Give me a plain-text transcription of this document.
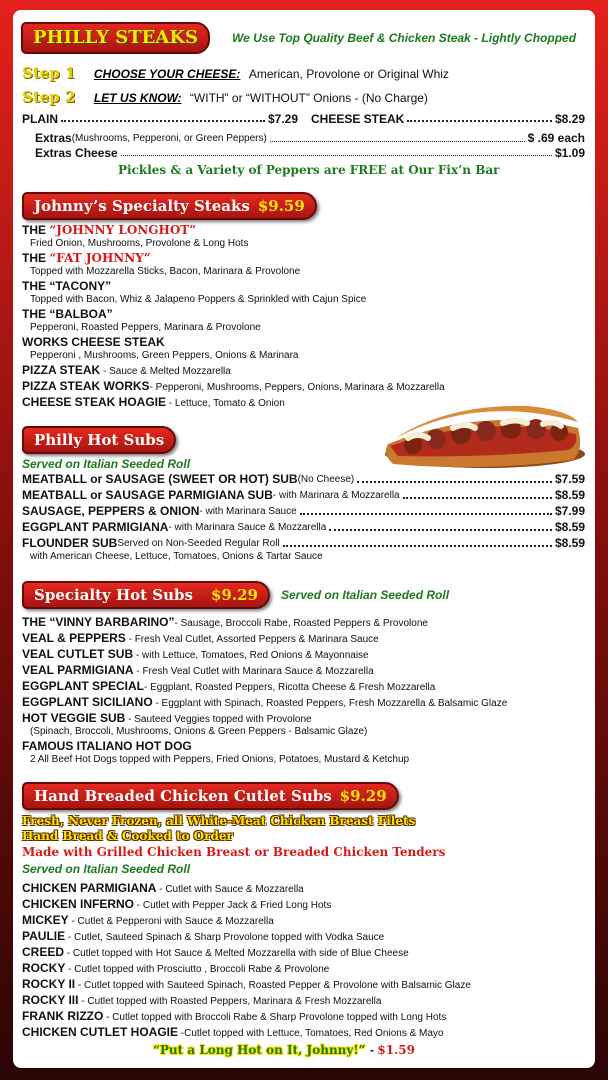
PHILLY STEAKS	We Use Top Quality Beef & Chicken Steak - Lightly Chopped
Step 1 CHOOSE YOUR CHEESE: American, Provolone or Original Whiz
Step 2 LET US KNOW: “WITH” or “WITHOUT” Onions - (No Charge)
PLAIN	$7.29 CHEESE STEAK	$8.29
Extras (Mushrooms, Pepperoni, or Green Peppers)	$ .69 each
Extras Cheese	$1.09
Pickles & a Variety of Peppers are FREE at Our Fix’n Bar
Johnny’s Specialty Steaks $9.59
THE “JOHNNY LONGHOT”
Fried Onion, Mushrooms, Provolone & Long Hots
THE “FAT JOHNNY”
Topped with Mozzarella Sticks, Bacon, Marinara & Provolone
THE “TACONY”
Topped with Bacon, Whiz & Jalapeno Poppers & Sprinkled with Cajun Spice
THE “BALBOA”
Pepperoni, Roasted Peppers, Marinara & Provolone
WORKS CHEESE STEAK
Pepperoni , Mushrooms, Green Peppers, Onions & Marinara
PIZZA STEAK - Sauce & Melted Mozzarella
PIZZA STEAK WORKS- Pepperoni, Mushrooms, Peppers, Onions, Marinara & Mozzarella
CHEESE STEAK HOAGIE - Lettuce, Tomato & Onion
Philly Hot Subs
Served on Italian Seeded Roll
MEATBALL or SAUSAGE (SWEET OR HOT) SUB (No Cheese)	$7.59
MEATBALL or SAUSAGE PARMIGIANA SUB - with Marinara & Mozzarella	$8.59
SAUSAGE, PEPPERS & ONION - with Marinara Sauce	$7.99
EGGPLANT PARMIGIANA - with Marinara Sauce & Mozzarella	$8.59
FLOUNDER SUB Served on Non-Seeded Regular Roll	$8.59
with American Cheese, Lettuce, Tomatoes, Onions & Tartar Sauce
Specialty Hot Subs $9.29	Served on Italian Seeded Roll
THE “VINNY BARBARINO”- Sausage, Broccoli Rabe, Roasted Peppers & Provolone
VEAL & PEPPERS - Fresh Veal Cutlet, Assorted Peppers & Marinara Sauce
VEAL CUTLET SUB - with Lettuce, Tomatoes, Red Onions & Mayonnaise
VEAL PARMIGIANA - Fresh Veal Cutlet with Marinara Sauce & Mozzarella
EGGPLANT SPECIAL- Eggplant, Roasted Peppers, Ricotta Cheese & Fresh Mozzarella
EGGPLANT SICILIANO - Eggplant with Spinach, Roasted Peppers, Fresh Mozzarella & Balsamic Glaze
HOT VEGGIE SUB - Sauteed Veggies topped with Provolone
(Spinach, Broccoli, Mushrooms, Onions & Green Peppers - Balsamic Glaze)
FAMOUS ITALIANO HOT DOG
2 All Beef Hot Dogs topped with Peppers, Fried Onions, Potatoes, Mustard & Ketchup
Hand Breaded Chicken Cutlet Subs $9.29
Fresh, Never Frozen, all White-Meat Chicken Breast Filets
Hand Bread & Cooked to Order
Made with Grilled Chicken Breast or Breaded Chicken Tenders
Served on Italian Seeded Roll
CHICKEN PARMIGIANA - Cutlet with Sauce & Mozzarella
CHICKEN INFERNO - Cutlet with Pepper Jack & Fried Long Hots
MICKEY - Cutlet & Pepperoni with Sauce & Mozzarella
PAULIE - Cutlet, Sauteed Spinach & Sharp Provolone topped with Vodka Sauce
CREED - Cutlet topped with Hot Sauce & Melted Mozzarella with side of Blue Cheese
ROCKY - Cutlet topped with Prosciutto , Broccoli Rabe & Provolone
ROCKY II - Cutlet topped with Sauteed Spinach, Roasted Pepper & Provolone with Balsamic Glaze
ROCKY III - Cutlet topped with Roasted Peppers, Marinara & Fresh Mozzarella
FRANK RIZZO - Cutlet topped with Broccoli Rabe & Sharp Provolone topped with Long Hots
CHICKEN CUTLET HOAGIE -Cutlet topped with Lettuce, Tomatoes, Red Onions & Mayo
“Put a Long Hot on It, Johnny!” - $1.59
